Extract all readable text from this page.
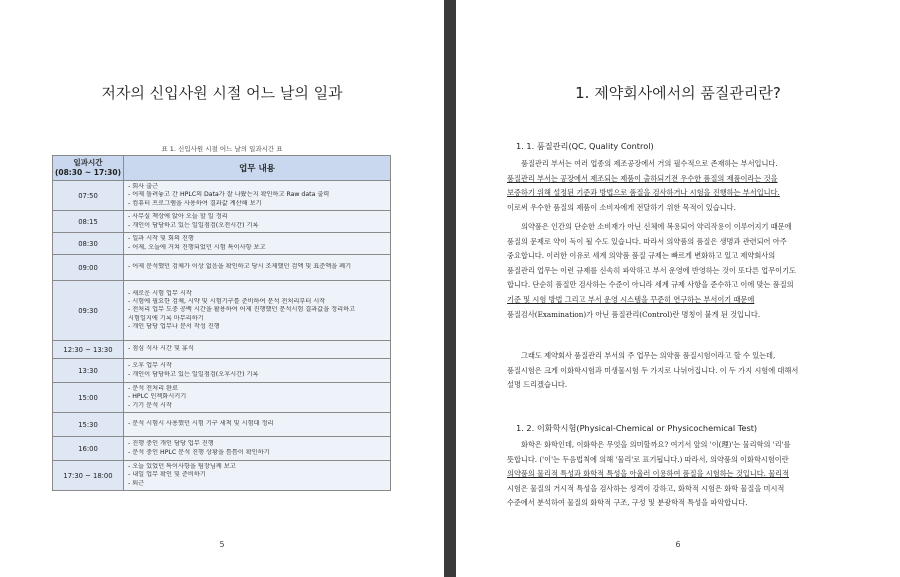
저자의 신입사원 시절 어느 날의 일과
표 1. 신입사원 시절 어느 날의 일과시간 표
일과시간
(08:30 ~ 17:30)	업무 내용
07:50	- 회사 출근
- 어제 돌려놓고 간 HPLC의 Data가 잘 나왔는지 확인하고 Raw data 출력
- 컴퓨터 프로그램을 사용하여 결과값 계산해 보기

08:15	- 사무실 책상에 앉아 오늘 할 일 정리
- 개인이 담당하고 있는 일일점검(오전시간) 기록

08:30	- 일과 시작 및 회의 진행
- 어제, 오늘에 거쳐 진행되었던 시험 특이사항 보고

09:00	- 어제 분석했던 검체가 이상 없음을 확인하고 당시 조제했던 검액 및 표준액을 폐기

09:30	- 새로운 시험 업무 시작
- 시험에 필요한 검체, 시약 및 시험기구를 준비하여 분석 전처리부터 시작
- 전처리 업무 도중 공백 시간을 활용하여 어제 진행했던 분석시험 결과값을 정리하고
시험일지에 기록 마무리하기
- 개인 담당 업무나 문서 작성 진행

12:30 ~ 13:30	- 점심 식사 시간 및 휴식

13:30	- 오후 업무 시작
- 개인이 담당하고 있는 일일점검(오후시간) 기록

15:00	- 분석 전처리 완료
- HPLC 인젝화시키기
- 기기 분석 시작

15:30	- 분석 시험시 사용했던 시험 기구 세척 및 시험대 정리

16:00	- 진행 중인 개인 담당 업무 진행
- 분석 중인 HPLC 분석 진행 상황을 틈틈이 확인하기

17:30 ~ 18:00	- 오늘 있었던 특이사항을 팀장님께 보고
- 내일 업무 확인 및 준비하기
- 퇴근
5
1. 제약회사에서의 품질관리란?
1. 1. 품질관리(QC, Quality Control)
품질관리 부서는 여러 업종의 제조공장에서 거의 필수적으로 존재하는 부서입니다.
품질관리 부서는 공장에서 제조되는 제품이 출하되기전 우수한 품질의 제품이라는 것을
보증하기 위해 설정된 기준과 방법으로 품질을 검사하거나 시험을 진행하는 부서입니다.
이로써 우수한 품질의 제품이 소비자에게 전달하기 위한 목적이 있습니다.
의약품은 인간의 단순한 소비재가 아닌 신체에 복용되어 약리작용이 이루어지기 때문에
품질의 문제로 약이 독이 될 수도 있습니다. 따라서 의약품의 품질은 생명과 관련되어 아주
중요합니다. 이러한 이유로 세계 의약품 품질 규제는 빠르게 변화하고 있고 제약회사의
품질관리 업무는 이런 규제를 신속히 파악하고 부서 운영에 반영하는 것이 또다른 업무이기도
합니다. 단순히 품질만 검사하는 수준이 아니라 세계 규제 사항을 준수하고 이에 맞는 품질의
기준 및 시험 방법 그리고 부서 운영 시스템을 꾸준히 연구하는 부서이기 때문에
품질검사(Examination)가 아닌 품질관리(Control)란 명칭이 붙게 된 것입니다.
그래도 제약회사 품질관리 부서의 주 업무는 의약품 품질시험이라고 할 수 있는데,
품질시험은 크게 이화학시험과 미생물시험 두 가지로 나뉘어집니다. 이 두 가지 시험에 대해서
설명 드리겠습니다.
1. 2. 이화학시험(Physical-Chemical or Physicochemical Test)
화학은 화학인데, 이화학은 무엇을 의미할까요? 여기서 앞의 '이(理)'는 물리학의 '리'를
뜻합니다. ('이'는 두음법칙에 의해 '물리'로 표기됩니다.) 따라서, 의약품의 이화학시험이란
의약품의 물리적 특성과 화학적 특성을 아울러 이용하여 품질을 시험하는 것입니다. 물리적
시험은 물질의 거시적 특성을 검사하는 성격이 강하고, 화학적 시험은 화학 물질을 미시적
수준에서 분석하여 물질의 화학적 구조, 구성 및 분광학적 특성을 파악합니다.
6
